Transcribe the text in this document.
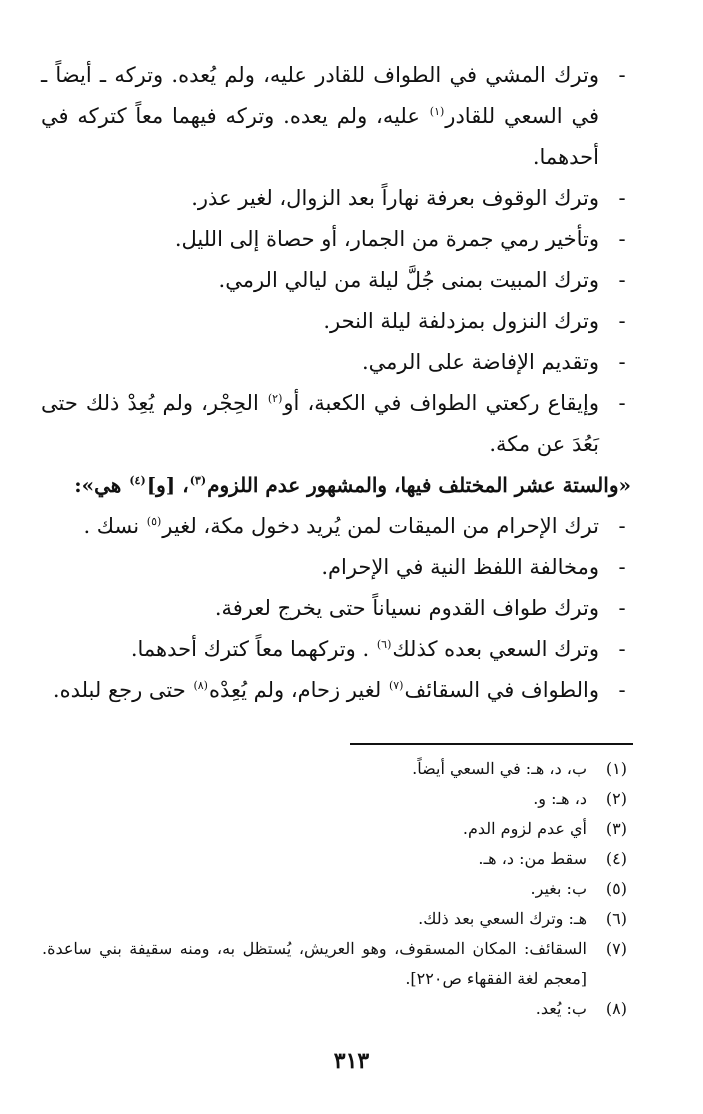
-
وترك المشي في الطواف للقادر عليه، ولم يُعده. وتركه ـ أيضاً ـ في السعي للقادر$^{(١)}$ عليه، ولم يعده. وتركه فيهما معاً كتركه في أحدهما.

-
وترك الوقوف بعرفة نهاراً بعد الزوال، لغير عذر.

-
وتأخير رمي جمرة من الجمار، أو حصاة إلى الليل.

-
وترك المبيت بمنى جُلَّ ليلة من ليالي الرمي.

-
وترك النزول بمزدلفة ليلة النحر.

-
وتقديم الإفاضة على الرمي.

-
وإيقاع ركعتي الطواف في الكعبة، أو$^{(٢)}$ الحِجْر، ولم يُعِدْ ذلك حتى بَعُدَ عن مكة.

«والستة عشر المختلف فيها، والمشهور عدم اللزوم$^{(٣)}$، [و]$^{(٤)}$ هي»:

-
ترك الإحرام من الميقات لمن يُريد دخول مكة، لغير$^{(٥)}$ نسك .

-
ومخالفة اللفظ النية في الإحرام.

-
وترك طواف القدوم نسياناً حتى يخرج لعرفة.

-
وترك السعي بعده كذلك$^{(٦)}$ . وتركهما معاً كترك أحدهما.

-
والطواف في السقائف$^{(٧)}$ لغير زحام، ولم يُعِدْه$^{(٨)}$ حتى رجع لبلده.

(١)
ب، د، هـ: في السعي أيضاً.

(٢)
د، هـ: و.

(٣)
أي عدم لزوم الدم.

(٤)
سقط من: د، هـ.

(٥)
ب: بغير.

(٦)
هـ: وترك السعي بعد ذلك.

(٧)
السقائف: المكان المسقوف، وهو العريش، يُستظل به، ومنه سقيفة بني ساعدة. [معجم لغة الفقهاء ص٢٢٠].

(٨)
ب: يُعد.

٣١٣
